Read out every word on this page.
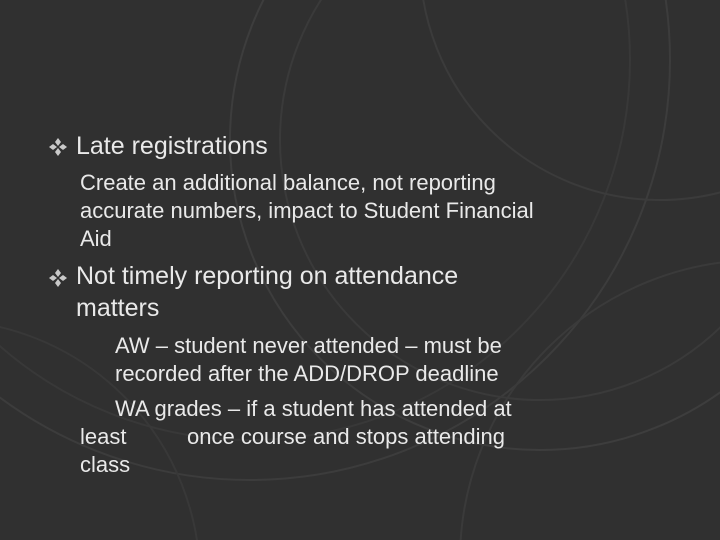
Late registrations
Create an additional balance, not reporting
accurate numbers, impact to Student Financial
Aid
Not timely reporting on attendance
matters
AW – student never attended – must be
recorded after the ADD/DROP deadline
WA grades – if a student has attended at
least	once course and stops attending
class
